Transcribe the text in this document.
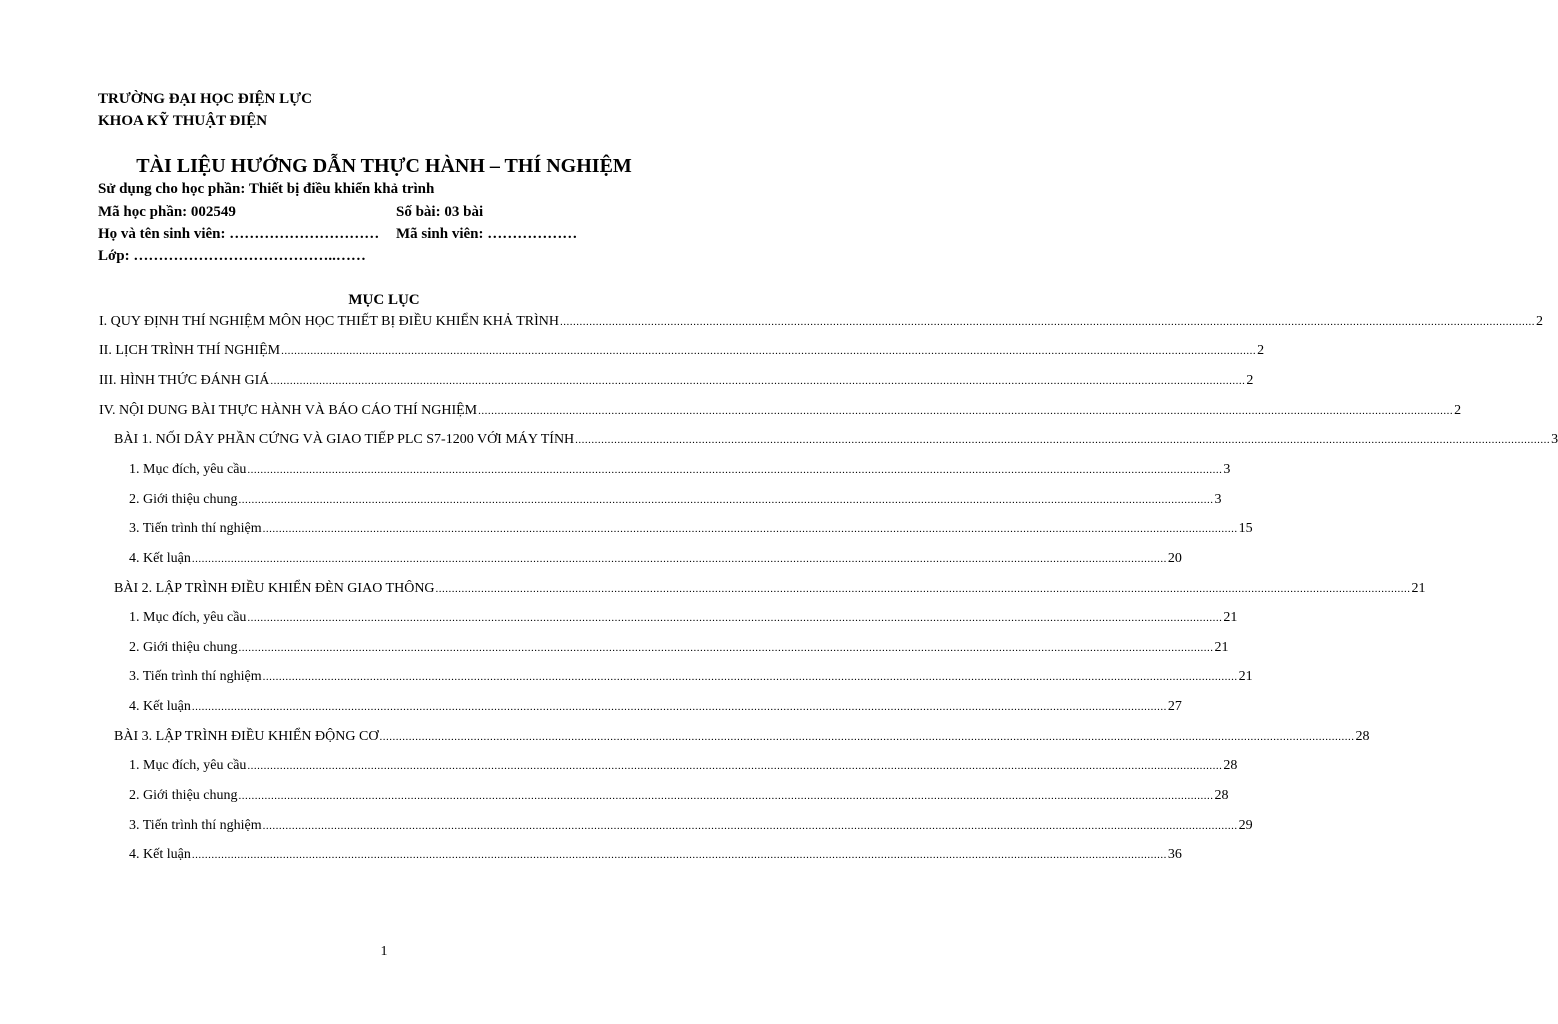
TRƯỜNG ĐẠI HỌC ĐIỆN LỰC
KHOA KỸ THUẬT ĐIỆN
TÀI LIỆU HƯỚNG DẪN THỰC HÀNH – THÍ NGHIỆM
Sử dụng cho học phần: Thiết bị điều khiển khả trình
Mã học phần: 002549	Số bài: 03 bài
Họ và tên sinh viên: ………………………… Mã sinh viên: ………………
Lớp: …………………………………..……
MỤC LỤC
I. QUY ĐỊNH THÍ NGHIỆM MÔN HỌC THIẾT BỊ ĐIỀU KHIỂN KHẢ TRÌNH ............................................................................................................................................................................................................................................................................................................ 2
II. LỊCH TRÌNH THÍ NGHIỆM ............................................................................................................................................................................................................................................................................................................ 2
III. HÌNH THỨC ĐÁNH GIÁ ............................................................................................................................................................................................................................................................................................................ 2
IV. NỘI DUNG BÀI THỰC HÀNH VÀ BÁO CÁO THÍ NGHIỆM ............................................................................................................................................................................................................................................................................................................ 2
BÀI 1. NỐI DÂY PHẦN CỨNG VÀ GIAO TIẾP PLC S7-1200 VỚI MÁY TÍNH ............................................................................................................................................................................................................................................................................................................ 3
1. Mục đích, yêu cầu ............................................................................................................................................................................................................................................................................................................ 3
2. Giới thiệu chung ............................................................................................................................................................................................................................................................................................................ 3
3. Tiến trình thí nghiệm ............................................................................................................................................................................................................................................................................................................ 15
4. Kết luận ............................................................................................................................................................................................................................................................................................................ 20
BÀI 2. LẬP TRÌNH ĐIỀU KHIỂN ĐÈN GIAO THÔNG ............................................................................................................................................................................................................................................................................................................ 21
1. Mục đích, yêu cầu ............................................................................................................................................................................................................................................................................................................ 21
2. Giới thiệu chung ............................................................................................................................................................................................................................................................................................................ 21
3. Tiến trình thí nghiệm ............................................................................................................................................................................................................................................................................................................ 21
4. Kết luận ............................................................................................................................................................................................................................................................................................................ 27
BÀI 3. LẬP TRÌNH ĐIỀU KHIỂN ĐỘNG CƠ ............................................................................................................................................................................................................................................................................................................ 28
1. Mục đích, yêu cầu ............................................................................................................................................................................................................................................................................................................ 28
2. Giới thiệu chung ............................................................................................................................................................................................................................................................................................................ 28
3. Tiến trình thí nghiệm ............................................................................................................................................................................................................................................................................................................ 29
4. Kết luận ............................................................................................................................................................................................................................................................................................................ 36
1
